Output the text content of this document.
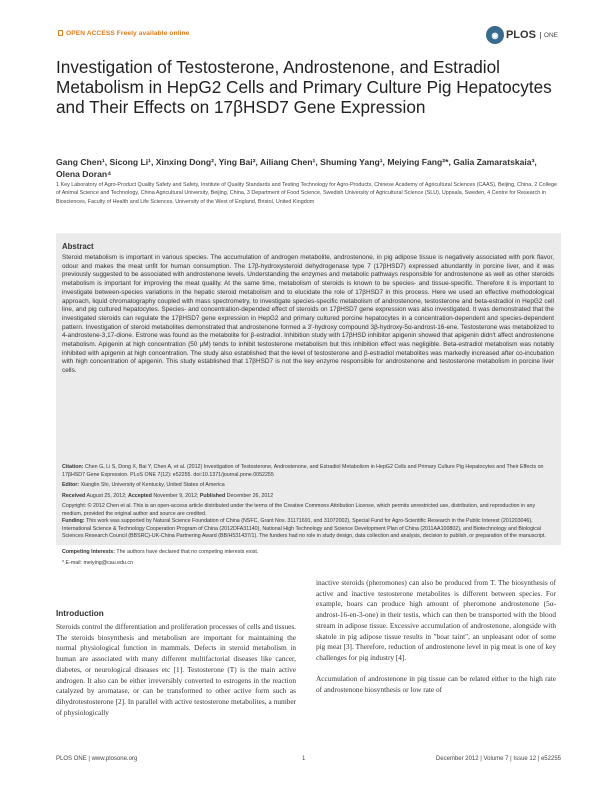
OPEN ACCESS Freely available online	◉ PLOS	ONE
Investigation of Testosterone, Androstenone, and Estradiol Metabolism in HepG2 Cells and Primary Culture Pig Hepatocytes and Their Effects on 17βHSD7 Gene Expression
Gang Chen¹, Sicong Li¹, Xinxing Dong², Ying Bai², Ailiang Chen¹, Shuming Yang¹, Meiying Fang²*, Galia Zamaratskaia³, Olena Doran⁴
1 Key Laboratory of Agro-Product Quality Safety and Safety, Institute of Quality Standards and Testing Technology for Agro-Products, Chinese Academy of Agricultural Sciences (CAAS), Beijing, China, 2 College of Animal Science and Technology, China Agricultural University, Beijing, China, 3 Department of Food Science, Swedish University of Agricultural Science (SLU), Uppsala, Sweden, 4 Centre for Research in Biosciences, Faculty of Health and Life Sciences, University of the West of England, Bristol, United Kingdom
Abstract
Steroid metabolism is important in various species. The accumulation of androgen metabolite, androstenone, in pig adipose tissue is negatively associated with pork flavor, odour and makes the meat unfit for human consumption. The 17β-hydroxysteroid dehydrogenase type 7 (17βHSD7) expressed abundantly in porcine liver, and it was previously suggested to be associated with androstenone levels. Understanding the enzymes and metabolic pathways responsible for androstenone as well as other steroids metabolism is important for improving the meat quality. At the same time, metabolism of steroids is known to be species- and tissue-specific. Therefore it is important to investigate between-species variations in the hepatic steroid metabolism and to elucidate the role of 17βHSD7 in this process. Here we used an effective methodological approach, liquid chromatography coupled with mass spectrometry, to investigate species-specific metabolism of androstenone, testosterone and beta-estradiol in HepG2 cell line, and pig cultured hepatocytes. Species- and concentration-depended effect of steroids on 17βHSD7 gene expression was also investigated. It was demonstrated that the investigated steroids can regulate the 17βHSD7 gene expression in HepG2 and primary cultured porcine hepatocytes in a concentration-dependent and species-dependent pattern. Investigation of steroid metabolites demonstrated that androstenone formed a 3'-hydroxy compound 3β-hydroxy-5α-androst-16-ene. Testosterone was metabolized to 4-androstene-3,17-dione. Estrone was found as the metabolite for β-estradiol. Inhibition study with 17βHSD inhibitor apigenin showed that apigenin didn't affect androstenone metabolism. Apigenin at high concentration (50 μM) tends to inhibit testosterone metabolism but this inhibition effect was negligible. Beta-estradiol metabolism was notably inhibited with apigenin at high concentration. The study also established that the level of testosterone and β-estradiol metabolites was markedly increased after co-incubation with high concentration of apigenin. This study established that 17βHSD7 is not the key enzyme responsible for androstenone and testosterone metabolism in porcine liver cells.
Citation: Chen G, Li S, Dong X, Bai Y, Chen A, et al. (2012) Investigation of Testosterone, Androstenone, and Estradiol Metabolism in HepG2 Cells and Primary Culture Pig Hepatocytes and Their Effects on 17βHSD7 Gene Expression. PLoS ONE 7(12): e52255. doi:10.1371/journal.pone.0052255
Editor: Xianglin Shi, University of Kentucky, United States of America
Received August 25, 2012; Accepted November 9, 2012; Published December 26, 2012
Copyright: © 2012 Chen et al. This is an open-access article distributed under the terms of the Creative Commons Attribution License, which permits unrestricted use, distribution, and reproduction in any medium, provided the original author and source are credited.
Funding: This work was supported by Natural Science Foundation of China (NSFC, Grant Nos. 31171691, and 31072002), Special Fund for Agro-Scientific Research in the Public Interest (201203046), International Science & Technology Cooperation Program of China (2012DFA31140), National High Technology and Science Development Plan of China (2011AA100802), and Biotechnology and Biological Sciences Research Council (BBSRC)-UK-China Partnering Award (BB/H531437/1). The funders had no role in study design, data collection and analysis, decision to publish, or preparation of the manuscript.
Competing Interests: The authors have declared that no competing interests exist.
* E-mail: meiying@cau.edu.cn
Introduction
Steroids control the differentiation and proliferation processes of cells and tissues. The steroids biosynthesis and metabolism are important for maintaining the normal physiological function in mammals. Defects in steroid metabolism in human are associated with many different multifactorial diseases like cancer, diabetes, or neurological diseases etc [1]. Testosterone (T) is the main active androgen. It also can be either irreversibly converted to estrogens in the reaction catalyzed by aromatase, or can be transformed to other active form such as dihydrotestosterone [2]. In parallel with active testosterone metabolites, a number of physiologically
inactive steroids (pheromones) can also be produced from T. The biosynthesis of active and inactive testosterone metabolites is different between species. For example, boars can produce high amount of pheromone androstenone (5α-androst-16-en-3-one) in their testis, which can then be transported with the blood stream in adipose tissue. Excessive accumulation of androstenone, alongside with skatole in pig adipose tissue results in "boar taint", an unpleasant odor of some pig meat [3]. Therefore, reduction of androstenone level in pig meat is one of key challenges for pig industry [4].

Accumulation of androstenone in pig tissue can be related either to the high rate of androstenone biosynthesis or low rate of
PLOS ONE | www.plosone.org	1	December 2012 | Volume 7 | Issue 12 | e52255
